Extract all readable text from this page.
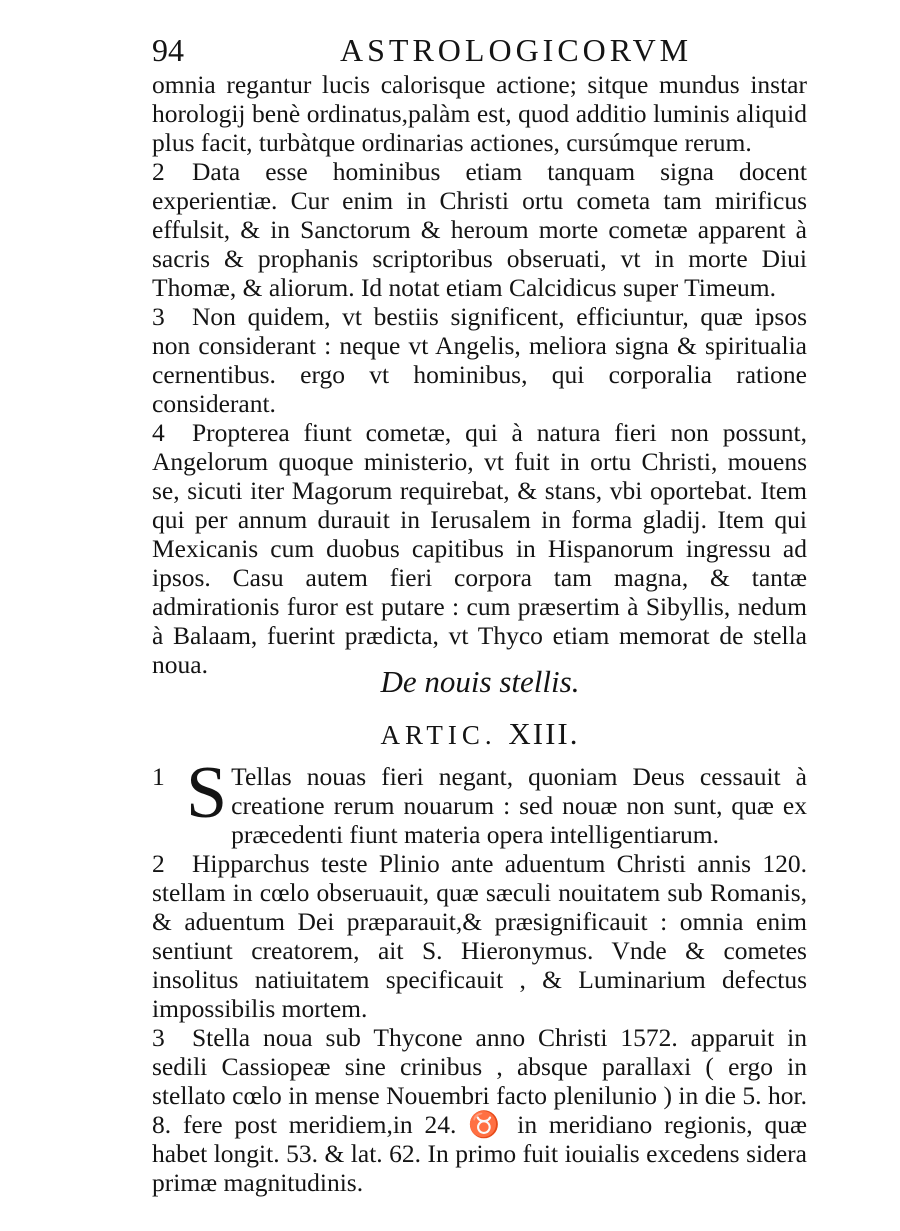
94	ASTROLOGICORVM

omnia regantur lucis calorisque actione; sitque mundus instar horologij benè ordinatus,palàm est, quod additio luminis aliquid plus facit, turbàtque ordinarias actiones, cursúmque rerum.

2 Data esse hominibus etiam tanquam signa docent experientiæ. Cur enim in Christi ortu cometa tam mirificus effulsit, & in Sanctorum & heroum morte cometæ apparent à sacris & prophanis scriptoribus obseruati, vt in morte Diui Thomæ, & aliorum. Id notat etiam Calcidicus super Timeum.

3 Non quidem, vt bestiis significent, efficiuntur, quæ ipsos non considerant : neque vt Angelis, meliora signa & spiritualia cernentibus. ergo vt hominibus, qui corporalia ratione considerant.

4 Propterea fiunt cometæ, qui à natura fieri non possunt, Angelorum quoque ministerio, vt fuit in ortu Christi, mouens se, sicuti iter Magorum requirebat, & stans, vbi oportebat. Item qui per annum durauit in Ierusalem in forma gladij. Item qui Mexicanis cum duobus capitibus in Hispanorum ingressu ad ipsos. Casu autem fieri corpora tam magna, & tantæ admirationis furor est putare : cum præsertim à Sibyllis, nedum à Balaam, fuerint prædicta, vt Thyco etiam memorat de stella noua.	De nouis stellis.
ARTIC. XIII.

1 S Tellas nouas fieri negant, quoniam Deus cessauit à creatione rerum nouarum : sed nouæ non sunt, quæ ex præcedenti fiunt materia opera intelligentiarum.

2 Hipparchus teste Plinio ante aduentum Christi annis 120. stellam in cœlo obseruauit, quæ sæculi nouitatem sub Romanis, & aduentum Dei præparauit,& præsignificauit : omnia enim sentiunt creatorem, ait S. Hieronymus. Vnde & cometes insolitus natiuitatem specificauit , & Luminarium defectus impossibilis mortem.

3 Stella noua sub Thycone anno Christi 1572. apparuit in sedili Cassiopeæ sine crinibus , absque parallaxi ( ergo in stellato cœlo in mense Nouembri facto plenilunio ) in die 5. hor. 8. fere post meridiem,in 24. ♉ in meridiano regionis, quæ habet longit. 53. & lat. 62. In primo fuit iouialis excedens sidera primæ magnitudinis.
